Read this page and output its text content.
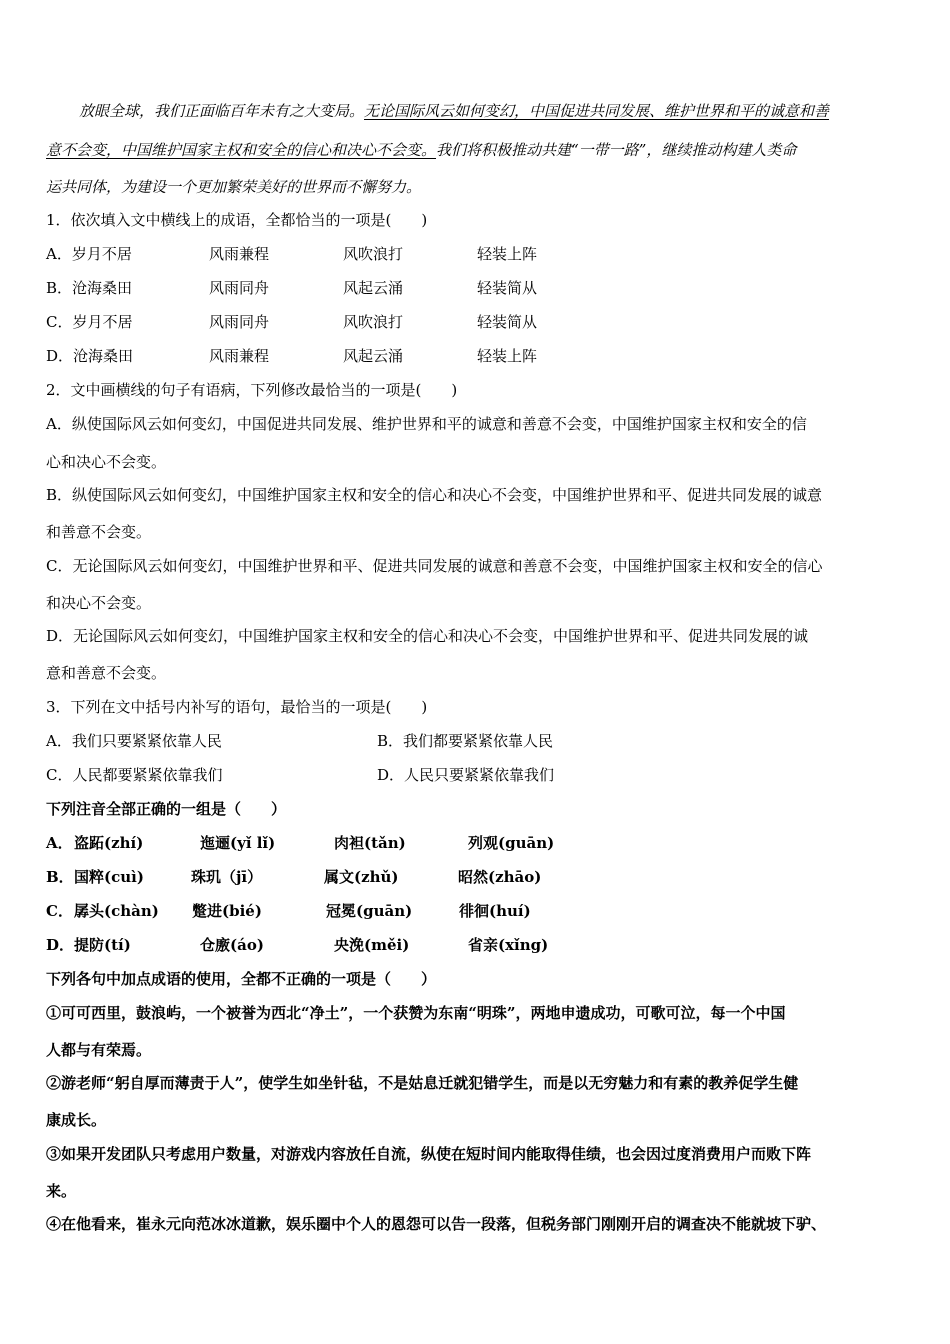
放眼全球，我们正面临百年未有之大变局。无论国际风云如何变幻，中国促进共同发展、维护世界和平的诚意和善
意不会变，中国维护国家主权和安全的信心和决心不会变。我们将积极推动共建“一带一路”，继续推动构建人类命
运共同体，为建设一个更加繁荣美好的世界而不懈努力。
1．依次填入文中横线上的成语，全都恰当的一项是(　　)
A．岁月不居	风雨兼程	风吹浪打	轻装上阵
B．沧海桑田	风雨同舟	风起云涌	轻装简从
C．岁月不居	风雨同舟	风吹浪打	轻装简从
D．沧海桑田	风雨兼程	风起云涌	轻装上阵
2．文中画横线的句子有语病，下列修改最恰当的一项是(　　)
A．纵使国际风云如何变幻，中国促进共同发展、维护世界和平的诚意和善意不会变，中国维护国家主权和安全的信
心和决心不会变。
B．纵使国际风云如何变幻，中国维护国家主权和安全的信心和决心不会变，中国维护世界和平、促进共同发展的诚意
和善意不会变。
C．无论国际风云如何变幻，中国维护世界和平、促进共同发展的诚意和善意不会变，中国维护国家主权和安全的信心
和决心不会变。
D．无论国际风云如何变幻，中国维护国家主权和安全的信心和决心不会变，中国维护世界和平、促进共同发展的诚
意和善意不会变。
3．下列在文中括号内补写的语句，最恰当的一项是(　　)
A．我们只要紧紧依靠人民	B．我们都要紧紧依靠人民
C．人民都要紧紧依靠我们	D．人民只要紧紧依靠我们
下列注音全部正确的一组是（　　）
A． 盗跖(zhí)	迤逦(yǐ lǐ)	肉袒(tǎn)	列观(guān)
B． 国粹(cuì)	珠玑（jī）	属文(zhǔ)	昭然(zhāo)
C． 孱头(chàn) 蹩进(bié)	冠冕(guān)	徘徊(huí)
D． 提防(tí)	仓廒(áo)	央浼(měi)	省亲(xǐng)
下列各句中加点成语的使用，全都不正确的一项是（　　）
①可可西里，鼓浪屿，一个被誉为西北“净土”，一个获赞为东南“明珠”，两地申遗成功，可歌可泣，每一个中国
人都与有荣焉。
②游老师“躬自厚而薄责于人”，使学生如坐针毡，不是姑息迁就犯错学生，而是以无穷魅力和有素的教养促学生健
康成长。
③如果开发团队只考虑用户数量，对游戏内容放任自流，纵使在短时间内能取得佳绩，也会因过度消费用户而败下阵
来。
④在他看来，崔永元向范冰冰道歉，娱乐圈中个人的恩怨可以告一段落，但税务部门刚刚开启的调查决不能就坡下驴、
